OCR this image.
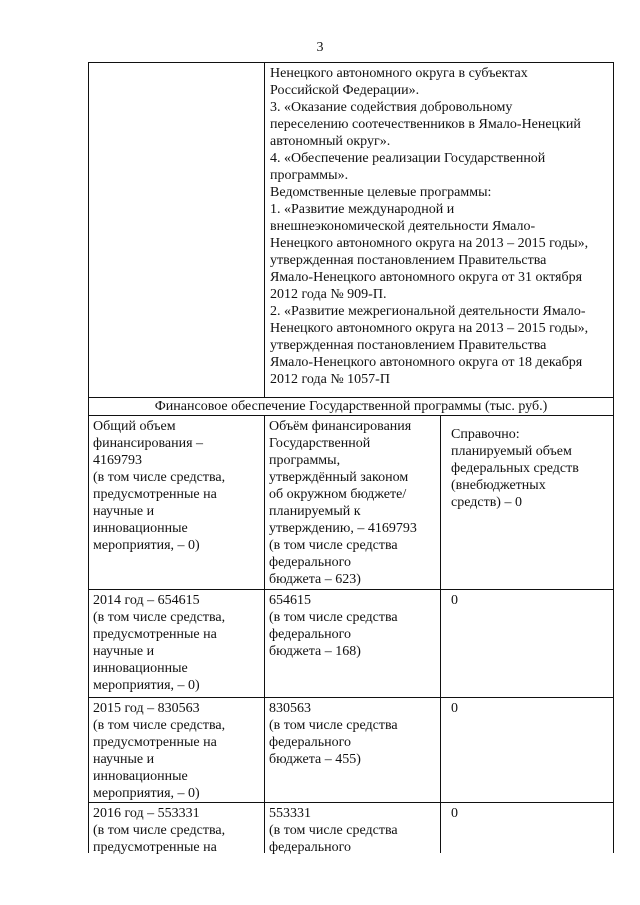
3
Ненецкого автономного округа в субъектах
Российской Федерации».
3. «Оказание содействия добровольному
переселению соотечественников в Ямало-Ненецкий
автономный округ».
4. «Обеспечение реализации Государственной
программы».
Ведомственные целевые программы:
1. «Развитие международной и
внешнеэкономической деятельности Ямало-
Ненецкого автономного округа на 2013 – 2015 годы»,
утвержденная постановлением Правительства
Ямало-Ненецкого автономного округа от 31 октября
2012 года № 909-П.
2. «Развитие межрегиональной деятельности Ямало-
Ненецкого автономного округа на 2013 – 2015 годы»,
утвержденная постановлением Правительства
Ямало-Ненецкого автономного округа от 18 декабря
2012 года № 1057-П
Финансовое обеспечение Государственной программы (тыс. руб.)
Общий объем
финансирования –
4169793
(в том числе средства,
предусмотренные на
научные и
инновационные
мероприятия, – 0)
Объём финансирования
Государственной
программы,
утверждённый законом
об окружном бюджете/
планируемый к
утверждению, – 4169793
(в том числе средства
федерального
бюджета – 623)
Справочно:
планируемый объем
федеральных средств
(внебюджетных
средств) – 0
2014 год – 654615
(в том числе средства,
предусмотренные на
научные и
инновационные
мероприятия, – 0)
654615
(в том числе средства
федерального
бюджета – 168)
0
2015 год – 830563
(в том числе средства,
предусмотренные на
научные и
инновационные
мероприятия, – 0)
830563
(в том числе средства
федерального
бюджета – 455)
0
2016 год – 553331
(в том числе средства,
предусмотренные на
553331
(в том числе средства
федерального
0
